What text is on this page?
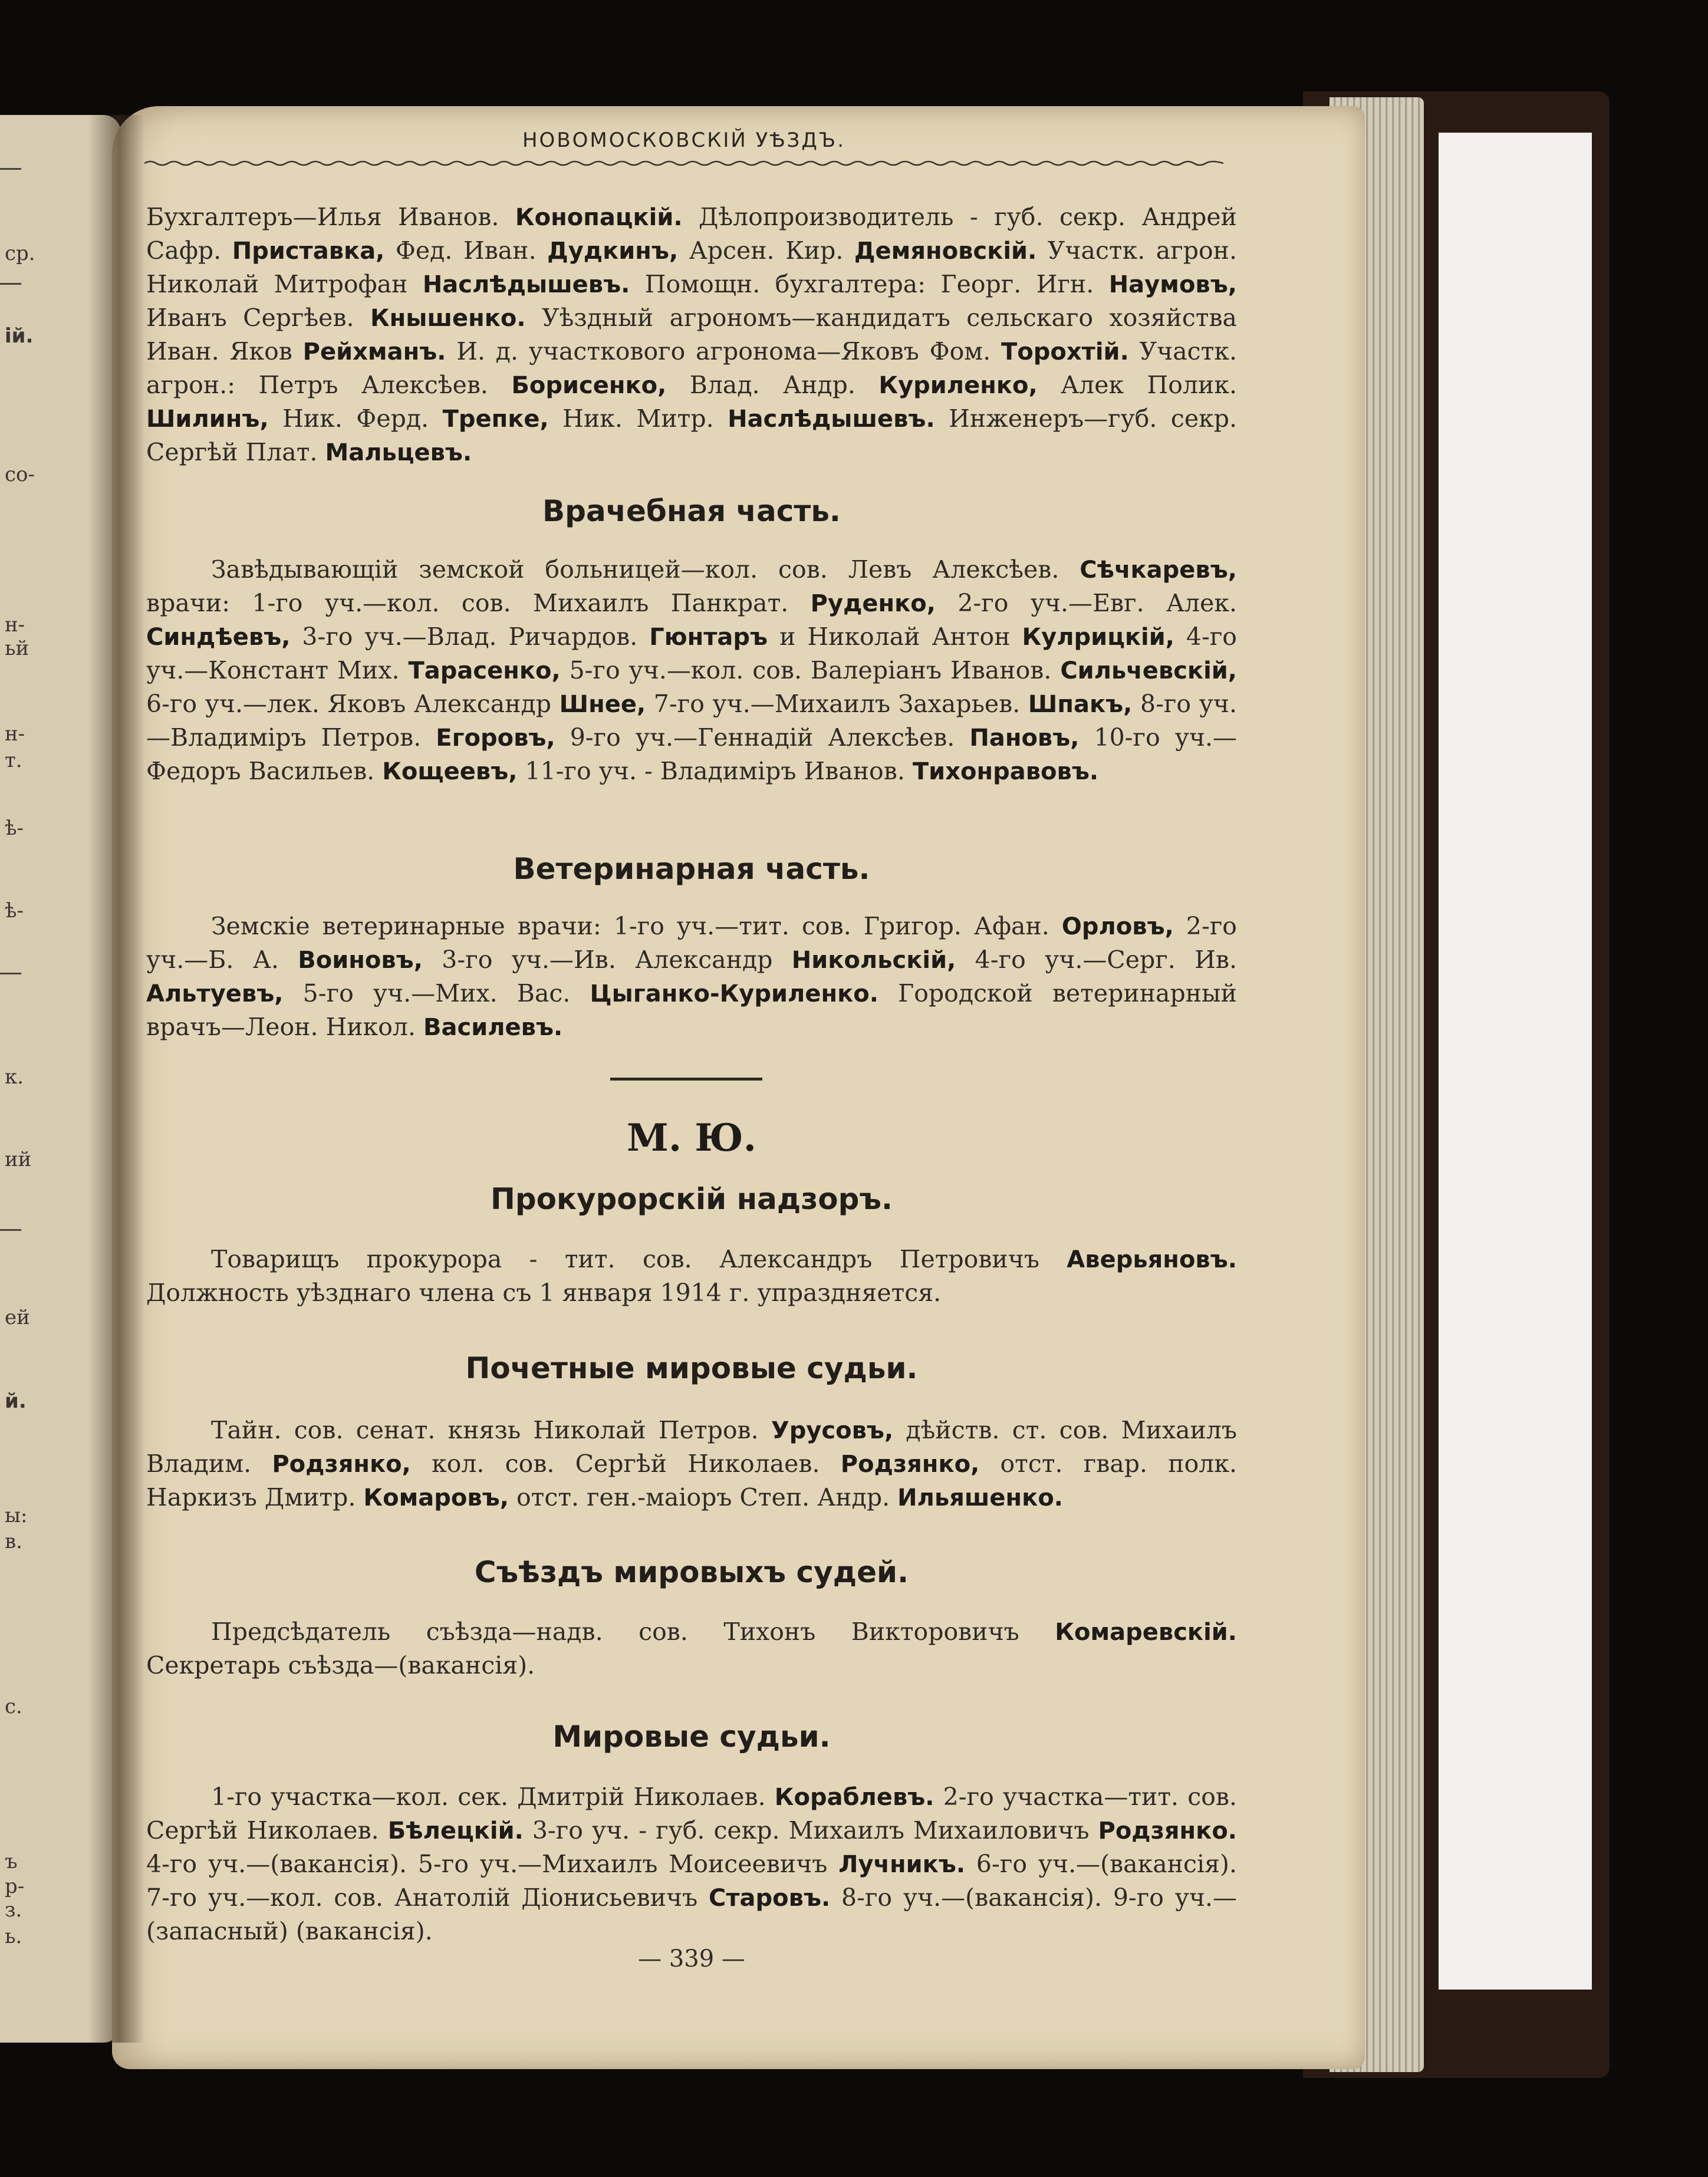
ср.
ій.
со-
н-
ьй
н-
т.
ѣ-
ѣ-
к.
ий
ей
й.
ы:
в.
с.
ъ
р-
з.
ь.
НОВОМОСКОВСКІЙ УѢЗДЪ.

Бухгалтеръ—Илья Иванов. Конопацкій. Дѣлопроизводитель - губ. секр. Андрей Сафр. Приставка, Фед. Иван. Дудкинъ, Арсен. Кир. Демяновскій. Участк. агрон. Николай Митрофан Наслѣдышевъ. Помощн. бухгалтера: Георг. Игн. Наумовъ, Иванъ Сергѣев. Кнышенко. Уѣздный агрономъ—кандидатъ сельскаго хозяйства Иван. Яков Рейхманъ. И. д. участкового агронома—Яковъ Фом. Торохтій. Участк. агрон.: Петръ Алексѣев. Борисенко, Влад. Андр. Куриленко, Алек Полик. Шилинъ, Ник. Ферд. Трепке, Ник. Митр. Наслѣдышевъ. Инженеръ—губ. секр. Сергѣй Плат. Мальцевъ.

Врачебная часть.

Завѣдывающій земской больницей—кол. сов. Левъ Алексѣев. Сѣчкаревъ, врачи: 1-го уч.—кол. сов. Михаилъ Панкрат. Руденко, 2-го уч.—Евг. Алек. Синдѣевъ, 3-го уч.—Влад. Ричардов. Гюнтаръ и Николай Антон Кулрицкій, 4-го уч.—Констант Мих. Тарасенко, 5-го уч.—кол. сов. Валеріанъ Иванов. Сильчевскій, 6-го уч.—лек. Яковъ Александр Шнее, 7-го уч.—Михаилъ Захарьев. Шпакъ, 8-го уч.—Владиміръ Петров. Егоровъ, 9-го уч.—Геннадій Алексѣев. Пановъ, 10-го уч.—Федоръ Васильев. Кощеевъ, 11-го уч. - Владиміръ Иванов. Тихонравовъ.

Ветеринарная часть.

Земскіе ветеринарные врачи: 1-го уч.—тит. сов. Григор. Афан. Орловъ, 2-го уч.—Б. А. Воиновъ, 3-го уч.—Ив. Александр Никольскій, 4-го уч.—Серг. Ив. Альтуевъ, 5-го уч.—Мих. Вас. Цыганко-Куриленко. Городской ветеринарный врачъ—Леон. Никол. Василевъ.

М. Ю.
Прокурорскій надзоръ.

Товарищъ прокурора - тит. сов. Александръ Петровичъ Аверьяновъ. Должность уѣзднаго члена съ 1 января 1914 г. упраздняется.

Почетные мировые судьи.

Тайн. сов. сенат. князь Николай Петров. Урусовъ, дѣйств. ст. сов. Михаилъ Владим. Родзянко, кол. сов. Сергѣй Николаев. Родзянко, отст. гвар. полк. Наркизъ Дмитр. Комаровъ, отст. ген.-маіоръ Степ. Андр. Ильяшенко.

Съѣздъ мировыхъ судей.

Предсѣдатель съѣзда—надв. сов. Тихонъ Викторовичъ Комаревскій. Секретарь съѣзда—(вакансія).

Мировые судьи.

1-го участка—кол. сек. Дмитрій Николаев. Кораблевъ. 2-го участка—тит. сов. Сергѣй Николаев. Бѣлецкій. 3-го уч. - губ. секр. Михаилъ Михаиловичъ Родзянко. 4-го уч.—(вакансія). 5-го уч.—Михаилъ Моисеевичъ Лучникъ. 6-го уч.—(вакансія). 7-го уч.—кол. сов. Анатолій Діонисьевичъ Старовъ. 8-го уч.—(вакансія). 9-го уч.—(запасный) (вакансія).

— 339 —
